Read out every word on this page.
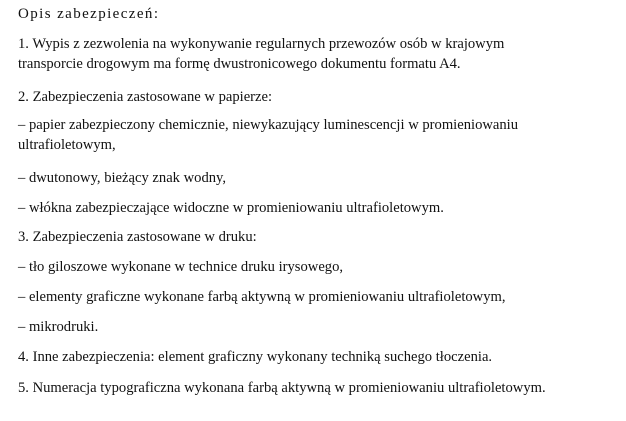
Opis zabezpieczeń:
1. Wypis z zezwolenia na wykonywanie regularnych przewozów osób w krajowym
transporcie drogowym ma formę dwustronicowego dokumentu formatu A4.
2. Zabezpieczenia zastosowane w papierze:
– papier zabezpieczony chemicznie, niewykazujący luminescencji w promieniowaniu
ultrafioletowym,
– dwutonowy, bieżący znak wodny,
– włókna zabezpieczające widoczne w promieniowaniu ultrafioletowym.
3. Zabezpieczenia zastosowane w druku:
– tło giloszowe wykonane w technice druku irysowego,
– elementy graficzne wykonane farbą aktywną w promieniowaniu ultrafioletowym,
– mikrodruki.
4. Inne zabezpieczenia: element graficzny wykonany techniką suchego tłoczenia.
5. Numeracja typograficzna wykonana farbą aktywną w promieniowaniu ultrafioletowym.
